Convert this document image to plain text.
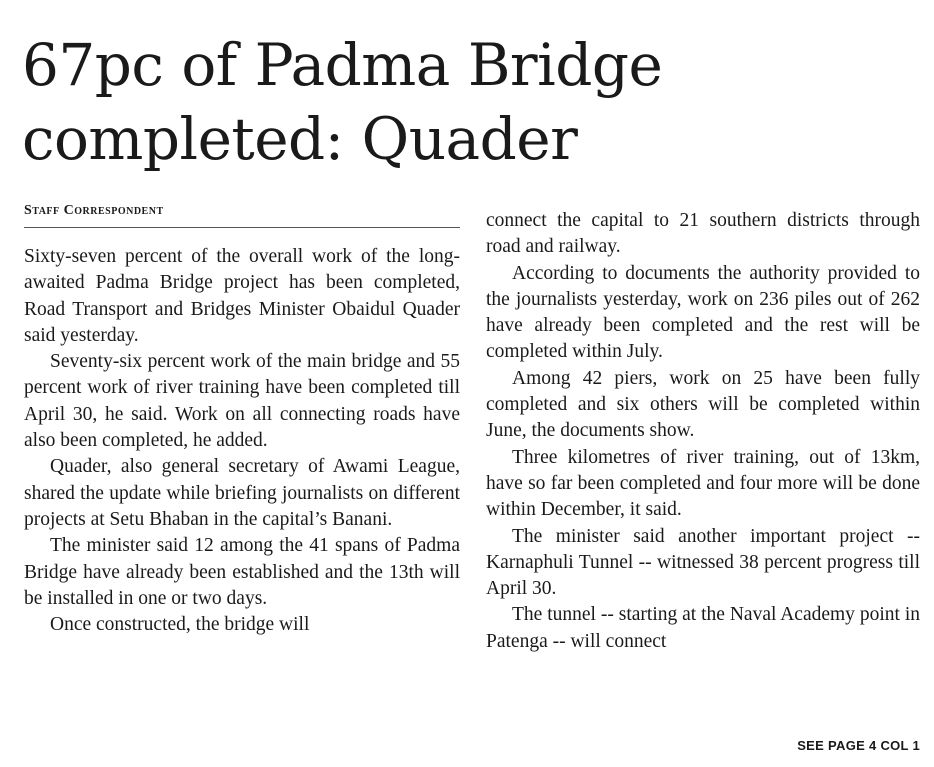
67pc of Padma Bridge completed: Quader
Staff Correspondent

Sixty-seven percent of the overall work of the long-awaited Padma Bridge project has been completed, Road Transport and Bridges Minister Obaidul Quader said yesterday.

Seventy-six percent work of the main bridge and 55 percent work of river training have been completed till April 30, he said. Work on all connecting roads have also been completed, he added.

Quader, also general secretary of Awami League, shared the update while briefing journalists on different projects at Setu Bhaban in the capital’s Banani.

The minister said 12 among the 41 spans of Padma Bridge have already been established and the 13th will be installed in one or two days.

Once constructed, the bridge will

connect the capital to 21 southern districts through road and railway.

According to documents the authority provided to the journalists yesterday, work on 236 piles out of 262 have already been completed and the rest will be completed within July.

Among 42 piers, work on 25 have been fully completed and six others will be completed within June, the documents show.

Three kilometres of river training, out of 13km, have so far been completed and four more will be done within December, it said.

The minister said another important project -- Karnaphuli Tunnel -- witnessed 38 percent progress till April 30.

The tunnel -- starting at the Naval Academy point in Patenga -- will connect

SEE PAGE 4 COL 1
